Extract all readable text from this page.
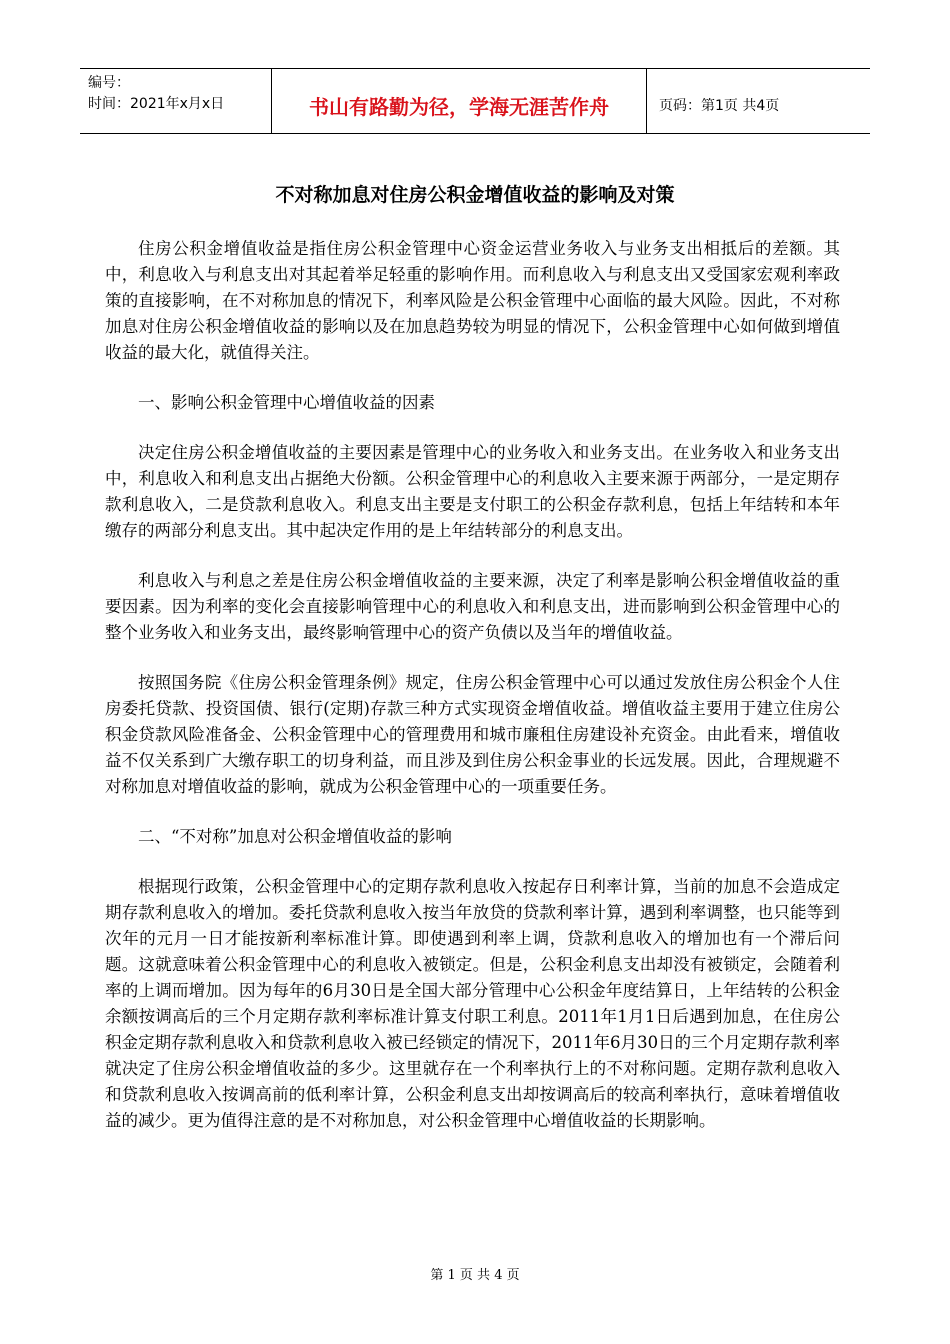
编号：
时间：2021年x月x日	书山有路勤为径，学海无涯苦作舟	页码：第1页 共4页
不对称加息对住房公积金增值收益的影响及对策

住房公积金增值收益是指住房公积金管理中心资金运营业务收入与业务支出相抵后的差额。其中，利息收入与利息支出对其起着举足轻重的影响作用。而利息收入与利息支出又受国家宏观利率政策的直接影响，在不对称加息的情况下，利率风险是公积金管理中心面临的最大风险。因此，不对称加息对住房公积金增值收益的影响以及在加息趋势较为明显的情况下，公积金管理中心如何做到增值收益的最大化，就值得关注。

一、影响公积金管理中心增值收益的因素

决定住房公积金增值收益的主要因素是管理中心的业务收入和业务支出。在业务收入和业务支出中，利息收入和利息支出占据绝大份额。公积金管理中心的利息收入主要来源于两部分，一是定期存款利息收入，二是贷款利息收入。利息支出主要是支付职工的公积金存款利息，包括上年结转和本年缴存的两部分利息支出。其中起决定作用的是上年结转部分的利息支出。

利息收入与利息之差是住房公积金增值收益的主要来源，决定了利率是影响公积金增值收益的重要因素。因为利率的变化会直接影响管理中心的利息收入和利息支出，进而影响到公积金管理中心的整个业务收入和业务支出，最终影响管理中心的资产负债以及当年的增值收益。

按照国务院《住房公积金管理条例》规定，住房公积金管理中心可以通过发放住房公积金个人住房委托贷款、投资国债、银行(定期)存款三种方式实现资金增值收益。增值收益主要用于建立住房公积金贷款风险准备金、公积金管理中心的管理费用和城市廉租住房建设补充资金。由此看来，增值收益不仅关系到广大缴存职工的切身利益，而且涉及到住房公积金事业的长远发展。因此，合理规避不对称加息对增值收益的影响，就成为公积金管理中心的一项重要任务。

二、“不对称”加息对公积金增值收益的影响

根据现行政策，公积金管理中心的定期存款利息收入按起存日利率计算，当前的加息不会造成定期存款利息收入的增加。委托贷款利息收入按当年放贷的贷款利率计算，遇到利率调整，也只能等到次年的元月一日才能按新利率标准计算。即使遇到利率上调，贷款利息收入的增加也有一个滞后问题。这就意味着公积金管理中心的利息收入被锁定。但是，公积金利息支出却没有被锁定，会随着利率的上调而增加。因为每年的6月30日是全国大部分管理中心公积金年度结算日，上年结转的公积金余额按调高后的三个月定期存款利率标准计算支付职工利息。2011年1月1日后遇到加息，在住房公积金定期存款利息收入和贷款利息收入被已经锁定的情况下，2011年6月30日的三个月定期存款利率就决定了住房公积金增值收益的多少。这里就存在一个利率执行上的不对称问题。定期存款利息收入和贷款利息收入按调高前的低利率计算，公积金利息支出却按调高后的较高利率执行，意味着增值收益的减少。更为值得注意的是不对称加息，对公积金管理中心增值收益的长期影响。

第 1 页 共 4 页
